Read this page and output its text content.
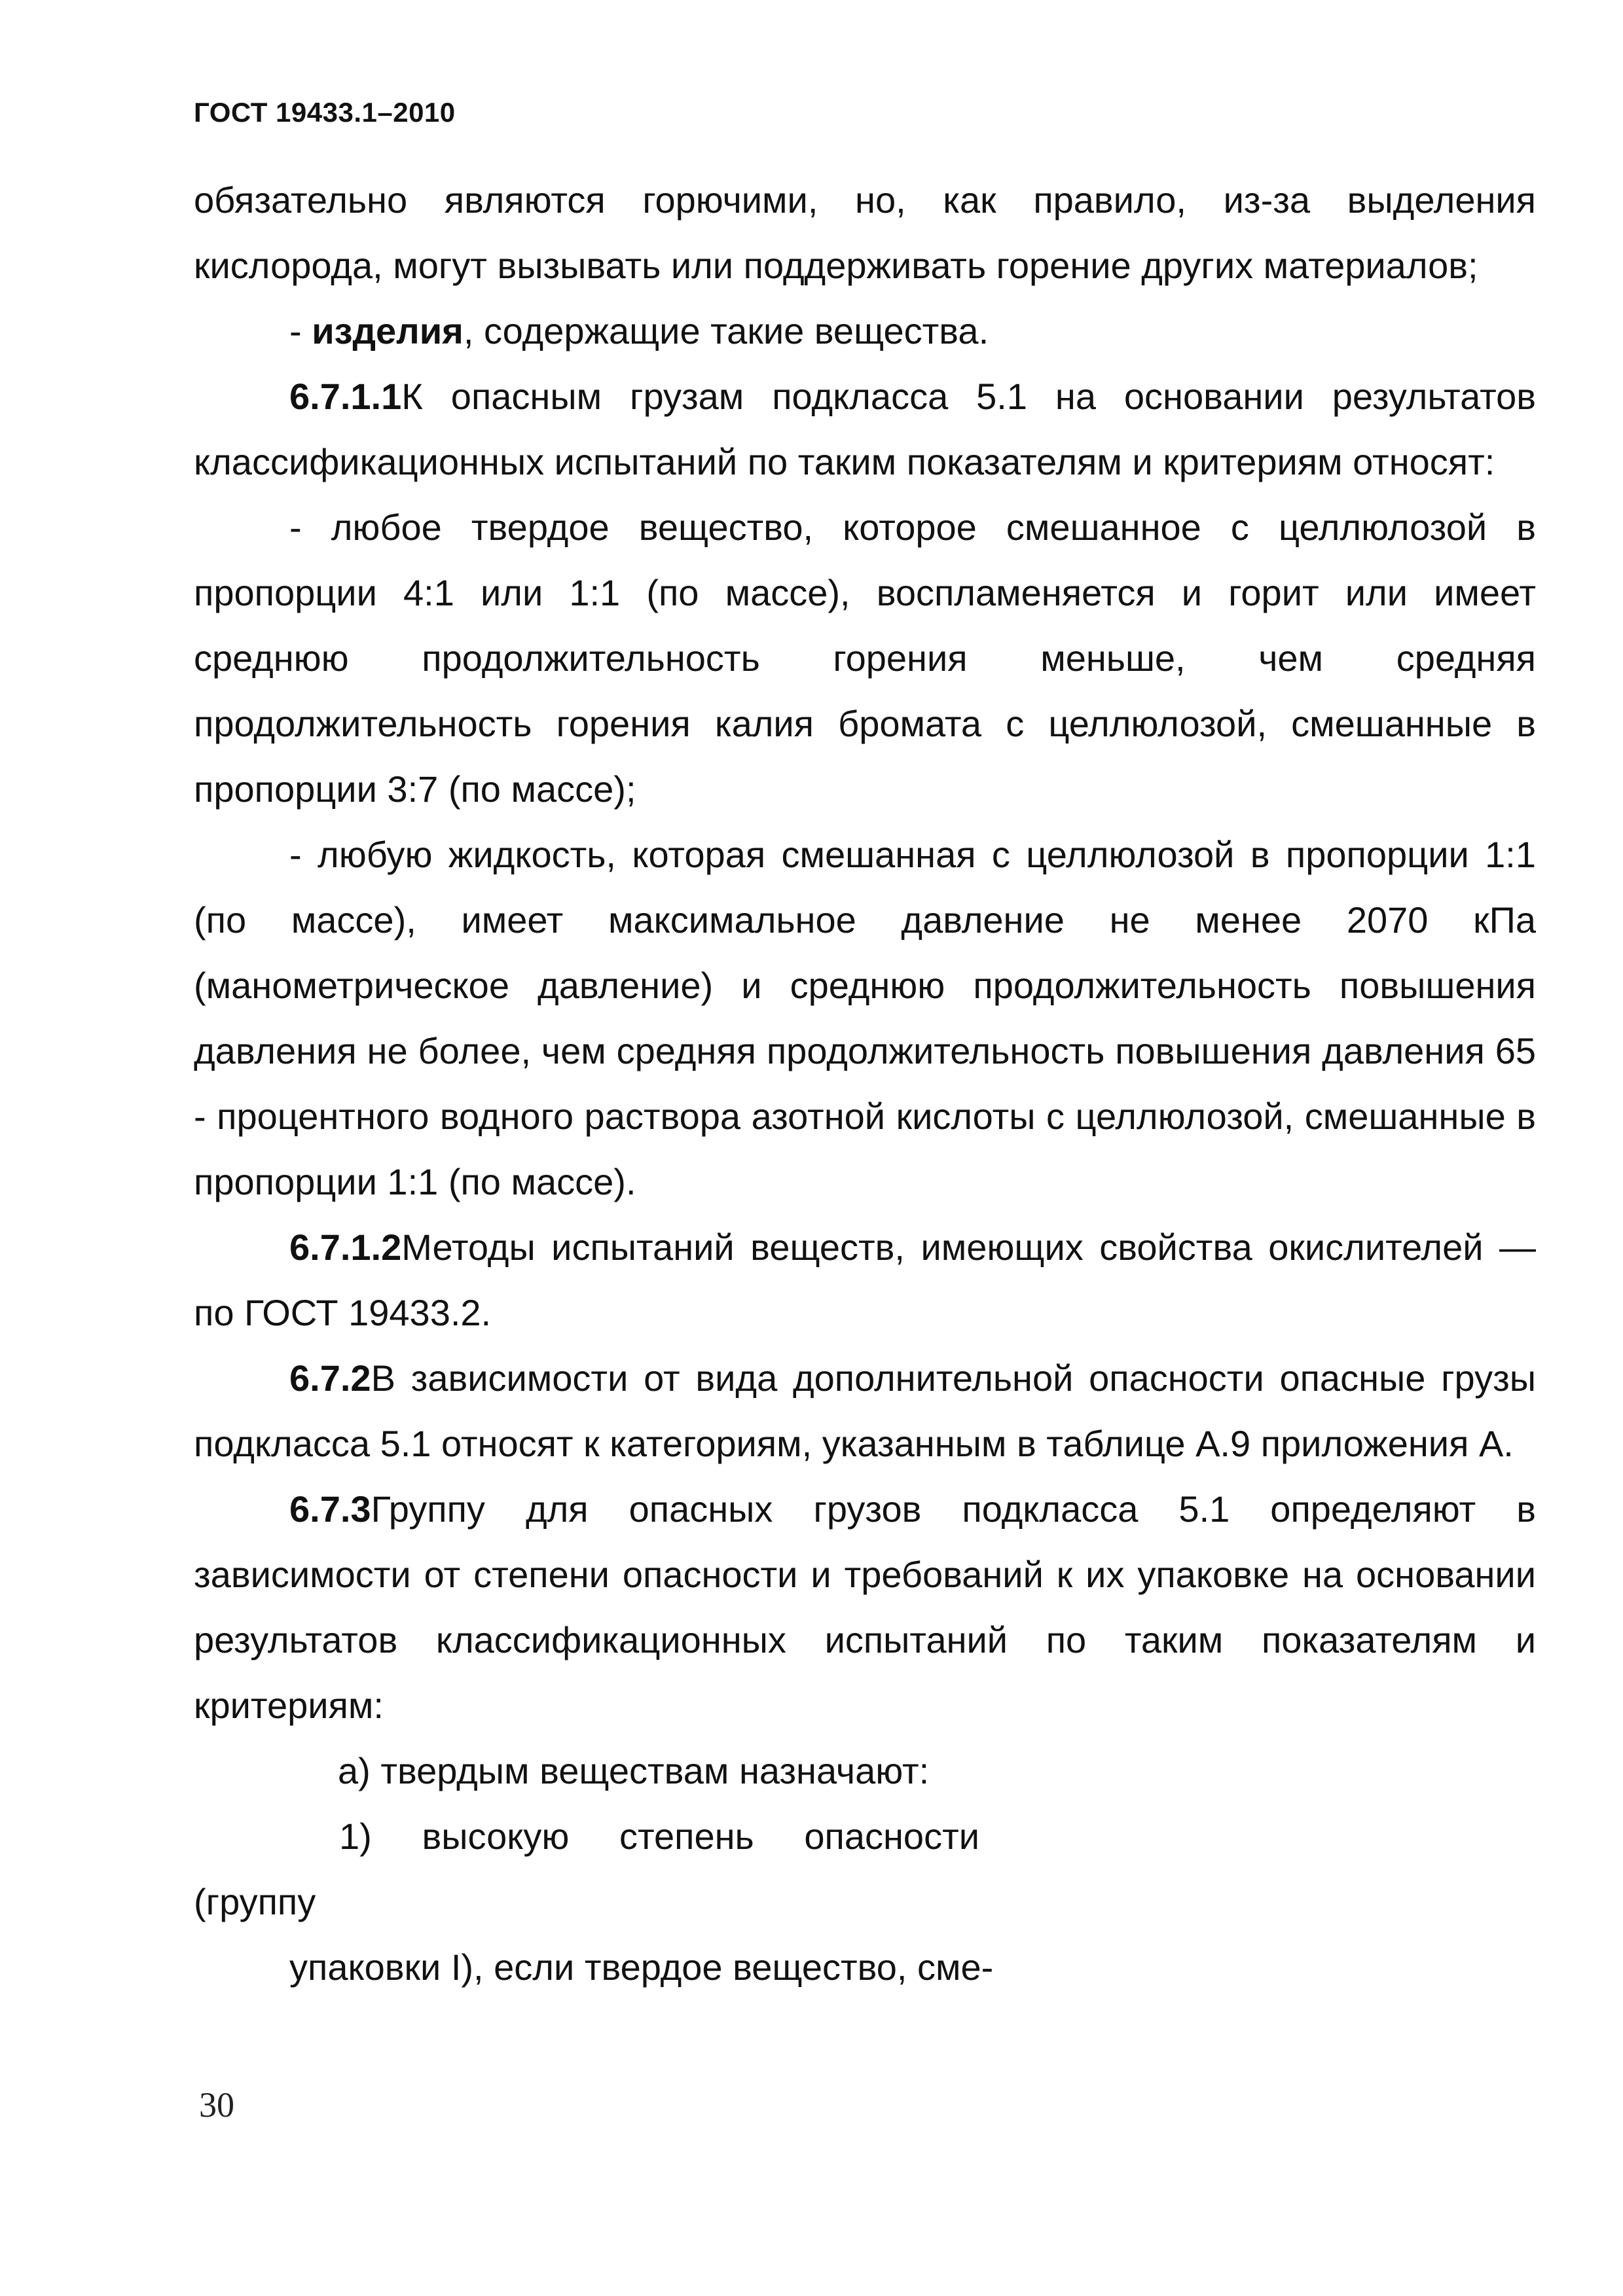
ГОСТ 19433.1–2010

обязательно являются горючими, но, как правило, из-за выделения кислорода, могут вызывать или поддерживать горение других материалов;

- изделия, содержащие такие вещества.

6.7.1.1К опасным грузам подкласса 5.1 на основании результатов классификационных испытаний по таким показателям и критериям относят:

- любое твердое вещество, которое смешанное с целлюлозой в пропорции 4:1 или 1:1 (по массе), воспламеняется и горит или имеет среднюю продолжительность горения меньше, чем средняя продолжительность горения калия бромата с целлюлозой, смешанные в пропорции 3:7 (по массе);

- любую жидкость, которая смешанная с целлюлозой в пропорции 1:1 (по массе), имеет максимальное давление не менее 2070 кПа (манометрическое давление) и среднюю продолжительность повышения давления не более, чем средняя продолжительность повышения давления 65 - процентного водного раствора азотной кислоты с целлюлозой, смешанные в пропорции 1:1 (по массе).

6.7.1.2Методы испытаний веществ, имеющих свойства окислителей — по ГОСТ 19433.2.

6.7.2В зависимости от вида дополнительной опасности опасные грузы подкласса 5.1 относят к категориям, указанным в таблице А.9 приложения А.

6.7.3Группу для опасных грузов подкласса 5.1 определяют в зависимости от степени опасности и требований к их упаковке на основании результатов классификационных испытаний по таким показателям и критериям:

а) твердым веществам назначают:

1) высокую степень опасности (группу

упаковки I), если твердое вещество, сме-

30
